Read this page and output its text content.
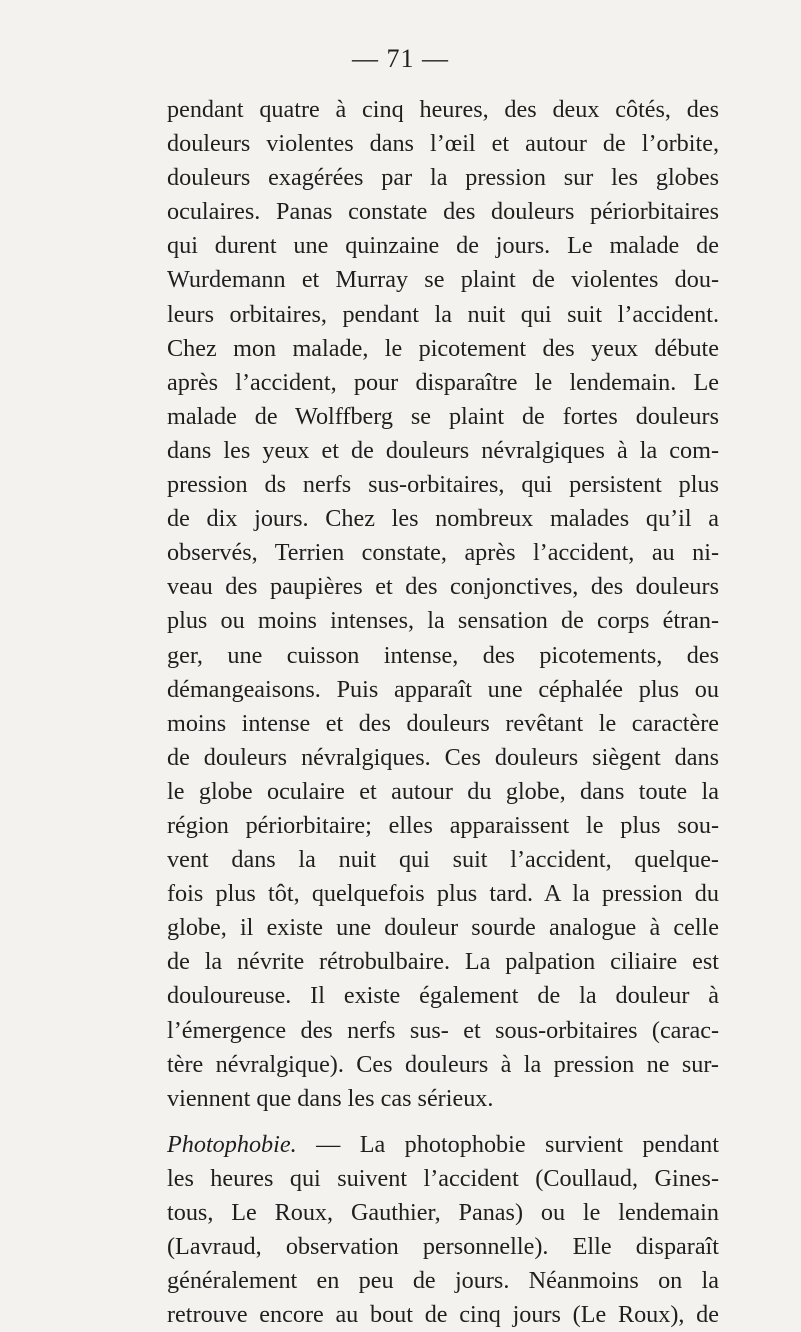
— 71 —
pendant quatre à cinq heures, des deux côtés, des
douleurs violentes dans l’œil et autour de l’orbite,
douleurs exagérées par la pression sur les globes
oculaires. Panas constate des douleurs périorbitaires
qui durent une quinzaine de jours. Le malade de
Wurdemann et Murray se plaint de violentes dou-
leurs orbitaires, pendant la nuit qui suit l’accident.
Chez mon malade, le picotement des yeux débute
après l’accident, pour disparaître le lendemain. Le
malade de Wolffberg se plaint de fortes douleurs
dans les yeux et de douleurs névralgiques à la com-
pression ds nerfs sus-orbitaires, qui persistent plus
de dix jours. Chez les nombreux malades qu’il a
observés, Terrien constate, après l’accident, au ni-
veau des paupières et des conjonctives, des douleurs
plus ou moins intenses, la sensation de corps étran-
ger, une cuisson intense, des picotements, des
démangeaisons. Puis apparaît une céphalée plus ou
moins intense et des douleurs revêtant le caractère
de douleurs névralgiques. Ces douleurs siègent dans
le globe oculaire et autour du globe, dans toute la
région périorbitaire; elles apparaissent le plus sou-
vent dans la nuit qui suit l’accident, quelque-
fois plus tôt, quelquefois plus tard. A la pression du
globe, il existe une douleur sourde analogue à celle
de la névrite rétrobulbaire. La palpation ciliaire est
douloureuse. Il existe également de la douleur à
l’émergence des nerfs sus- et sous-orbitaires (carac-
tère névralgique). Ces douleurs à la pression ne sur-
viennent que dans les cas sérieux.
Photophobie. — La photophobie survient pendant
les heures qui suivent l’accident (Coullaud, Gines-
tous, Le Roux, Gauthier, Panas) ou le lendemain
(Lavraud, observation personnelle). Elle disparaît
généralement en peu de jours. Néanmoins on la
retrouve encore au bout de cinq jours (Le Roux), de
